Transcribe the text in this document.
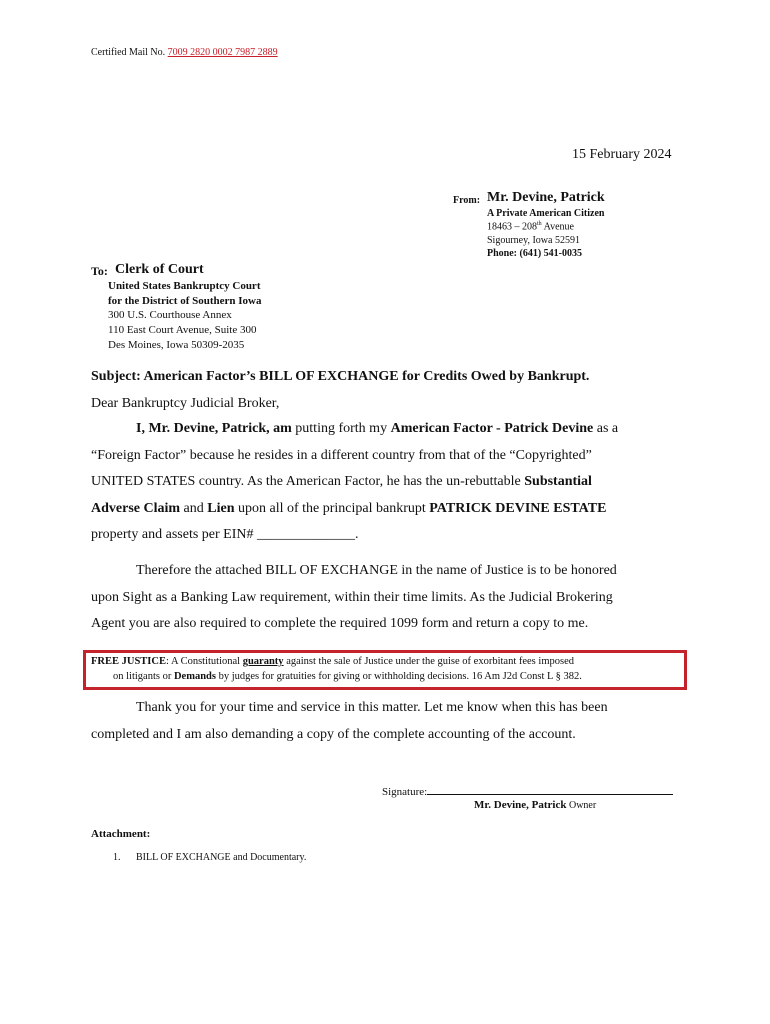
Certified Mail No. 7009 2820 0002 7987 2889
15 February 2024
From: Mr. Devine, Patrick
A Private American Citizen
18463 – 208th Avenue
Sigourney, Iowa 52591
Phone: (641) 541-0035
To: Clerk of Court
United States Bankruptcy Court
for the District of Southern Iowa
300 U.S. Courthouse Annex
110 East Court Avenue, Suite 300
Des Moines, Iowa 50309-2035
Subject: American Factor’s BILL OF EXCHANGE for Credits Owed by Bankrupt.
Dear Bankruptcy Judicial Broker,
I, Mr. Devine, Patrick, am putting forth my American Factor - Patrick Devine as a
“Foreign Factor” because he resides in a different country from that of the “Copyrighted”
UNITED STATES country. As the American Factor, he has the un-rebuttable Substantial
Adverse Claim and Lien upon all of the principal bankrupt PATRICK DEVINE ESTATE
property and assets per EIN# ______________.
Therefore the attached BILL OF EXCHANGE in the name of Justice is to be honored
upon Sight as a Banking Law requirement, within their time limits. As the Judicial Brokering
Agent you are also required to complete the required 1099 form and return a copy to me.
FREE JUSTICE: A Constitutional guaranty against the sale of Justice under the guise of exorbitant fees imposed
on litigants or Demands by judges for gratuities for giving or withholding decisions. 16 Am J2d Const L § 382.
Thank you for your time and service in this matter. Let me know when this has been
completed and I am also demanding a copy of the complete accounting of the account.
Signature:
Mr. Devine, Patrick Owner
Attachment:
1. BILL OF EXCHANGE and Documentary.
